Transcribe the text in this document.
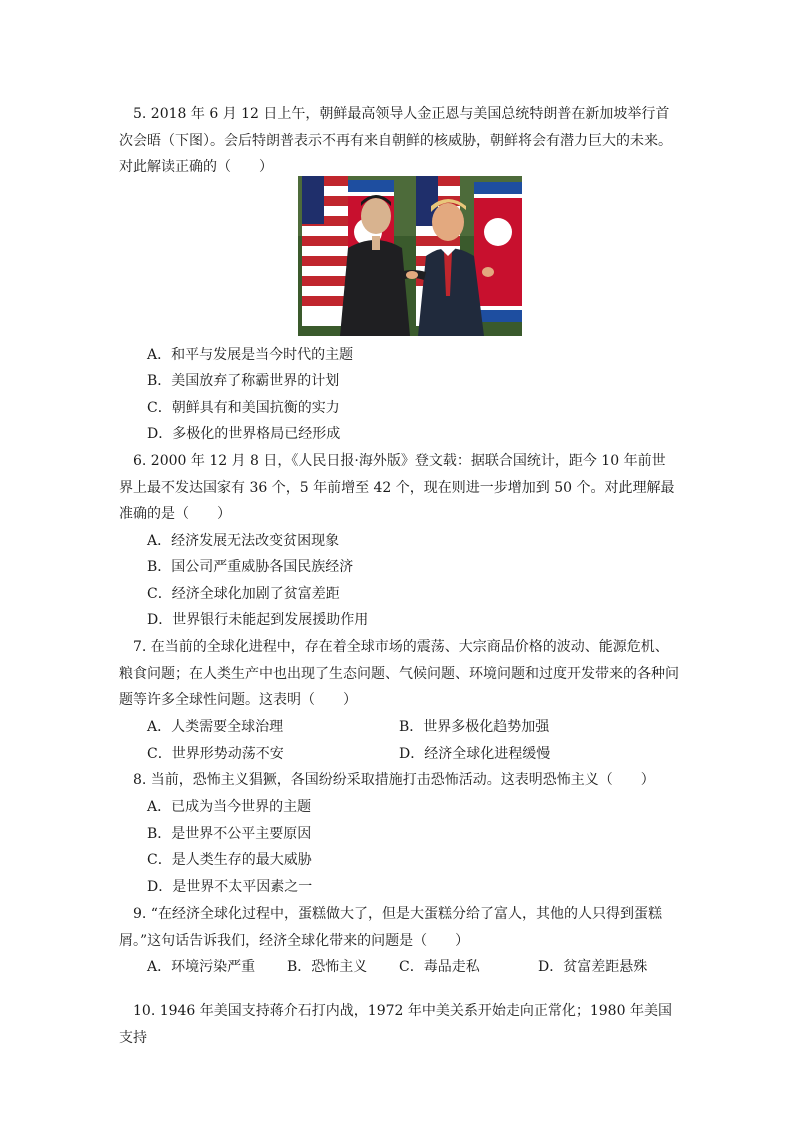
5. 2018 年 6 月 12 日上午，朝鲜最高领导人金正恩与美国总统特朗普在新加坡举行首次会晤（下图）。会后特朗普表示不再有来自朝鲜的核威胁，朝鲜将会有潜力巨大的未来。对此解读正确的（　　）
A．和平与发展是当今时代的主题
B．美国放弃了称霸世界的计划
C．朝鲜具有和美国抗衡的实力
D．多极化的世界格局已经形成
6. 2000 年 12 月 8 日，《人民日报·海外版》登文载：据联合国统计，距今 10 年前世界上最不发达国家有 36 个，5 年前增至 42 个，现在则进一步增加到 50 个。对此理解最准确的是（　　）
A．经济发展无法改变贫困现象
B．国公司严重威胁各国民族经济
C．经济全球化加剧了贫富差距
D．世界银行未能起到发展援助作用
7. 在当前的全球化进程中，存在着全球市场的震荡、大宗商品价格的波动、能源危机、粮食问题；在人类生产中也出现了生态问题、气候问题、环境问题和过度开发带来的各种问题等许多全球性问题。这表明（　　）
A．人类需要全球治理	B．世界多极化趋势加强
C．世界形势动荡不安	D．经济全球化进程缓慢
8. 当前，恐怖主义猖獗，各国纷纷采取措施打击恐怖活动。这表明恐怖主义（　　）
A．已成为当今世界的主题
B．是世界不公平主要原因
C．是人类生存的最大威胁
D．是世界不太平因素之一
9. “在经济全球化过程中，蛋糕做大了，但是大蛋糕分给了富人，其他的人只得到蛋糕屑。”这句话告诉我们，经济全球化带来的问题是（　　）
A．环境污染严重 B．恐怖主义 C．毒品走私	D．贫富差距悬殊
10. 1946 年美国支持蒋介石打内战，1972 年中美关系开始走向正常化；1980 年美国支持
